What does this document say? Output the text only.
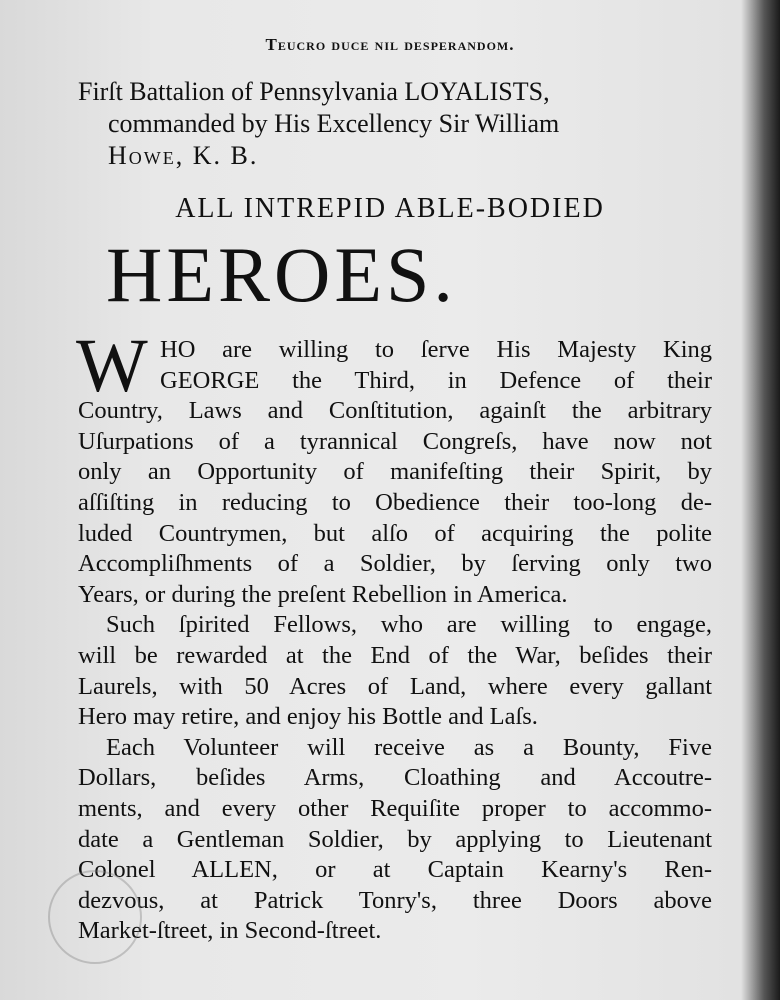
Teucro duce nil desperandom.
Firſt Battalion of Pennsylvania LOYALISTS,
commanded by His Excellency Sir William
Howe, K. B.
ALL INTREPID ABLE-BODIED
HEROES.
W HO are willing to ſerve His Majesty King
GEORGE the Third, in Defence of their
Country, Laws and Conſtitution, againſt the arbitrary
Uſurpations of a tyrannical Congreſs, have now not
only an Opportunity of manifeſting their Spirit, by
aſſiſting in reducing to Obedience their too-long de-
luded Countrymen, but alſo of acquiring the polite
Accompliſhments of a Soldier, by ſerving only two
Years, or during the preſent Rebellion in America.
Such ſpirited Fellows, who are willing to engage,
will be rewarded at the End of the War, beſides their
Laurels, with 50 Acres of Land, where every gallant
Hero may retire, and enjoy his Bottle and Laſs.
Each Volunteer will receive as a Bounty, Five
Dollars, beſides Arms, Cloathing and Accoutre-
ments, and every other Requiſite proper to accommo-
date a Gentleman Soldier, by applying to Lieutenant
Colonel ALLEN, or at Captain Kearny's Ren-
dezvous, at Patrick Tonry's, three Doors above
Market-ſtreet, in Second-ſtreet.
